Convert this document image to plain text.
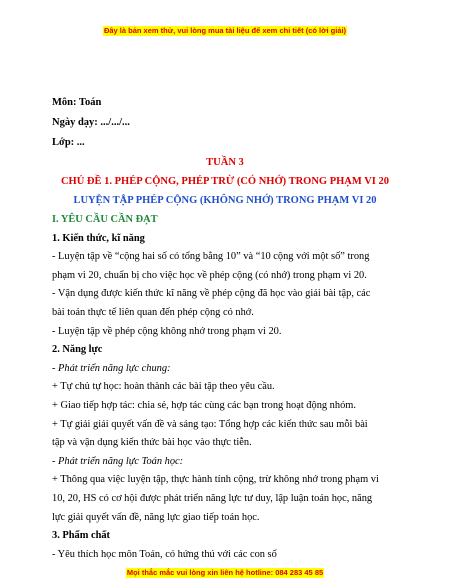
Đây là bản xem thử, vui lòng mua tài liệu để xem chi tiết (có lời giải)
Môn: Toán
Ngày dạy: .../.../...
Lớp: ...
TUẦN 3
CHỦ ĐỀ 1. PHÉP CỘNG, PHÉP TRỪ (CÓ NHỚ) TRONG PHẠM VI 20
LUYỆN TẬP PHÉP CỘNG (KHÔNG NHỚ) TRONG PHẠM VI 20
I. YÊU CẦU CẦN ĐẠT
1. Kiến thức, kĩ năng
- Luyện tập về “cộng hai số có tổng bằng 10” và “10 cộng với một số” trong
phạm vi 20, chuẩn bị cho việc học về phép cộng (có nhớ) trong phạm vi 20.
- Vận dụng được kiến thức kĩ năng về phép cộng đã học vào giải bài tập, các
bài toán thực tế liên quan đến phép cộng có nhớ.
- Luyện tập về phép cộng không nhớ trong phạm vi 20.
2. Năng lực
- Phát triển năng lực chung:
+ Tự chủ tự học: hoàn thành các bài tập theo yêu cầu.
+ Giao tiếp hợp tác: chia sẻ, hợp tác cùng các bạn trong hoạt động nhóm.
+ Tự giải giải quyết vấn đề và sáng tạo: Tổng hợp các kiến thức sau mỗi bài
tập và vận dụng kiến thức bài học vào thực tiễn.
- Phát triển năng lực Toán học:
+ Thông qua việc luyện tập, thực hành tính cộng, trừ không nhớ trong phạm vi
10, 20, HS có cơ hội được phát triển năng lực tư duy, lập luận toán học, năng
lực giải quyết vấn đề, năng lực giao tiếp toán học.
Mọi thắc mắc vui lòng xin liên hệ hotline: 084 283 45 85
3. Phẩm chất
- Yêu thích học môn Toán, có hứng thú với các con số
